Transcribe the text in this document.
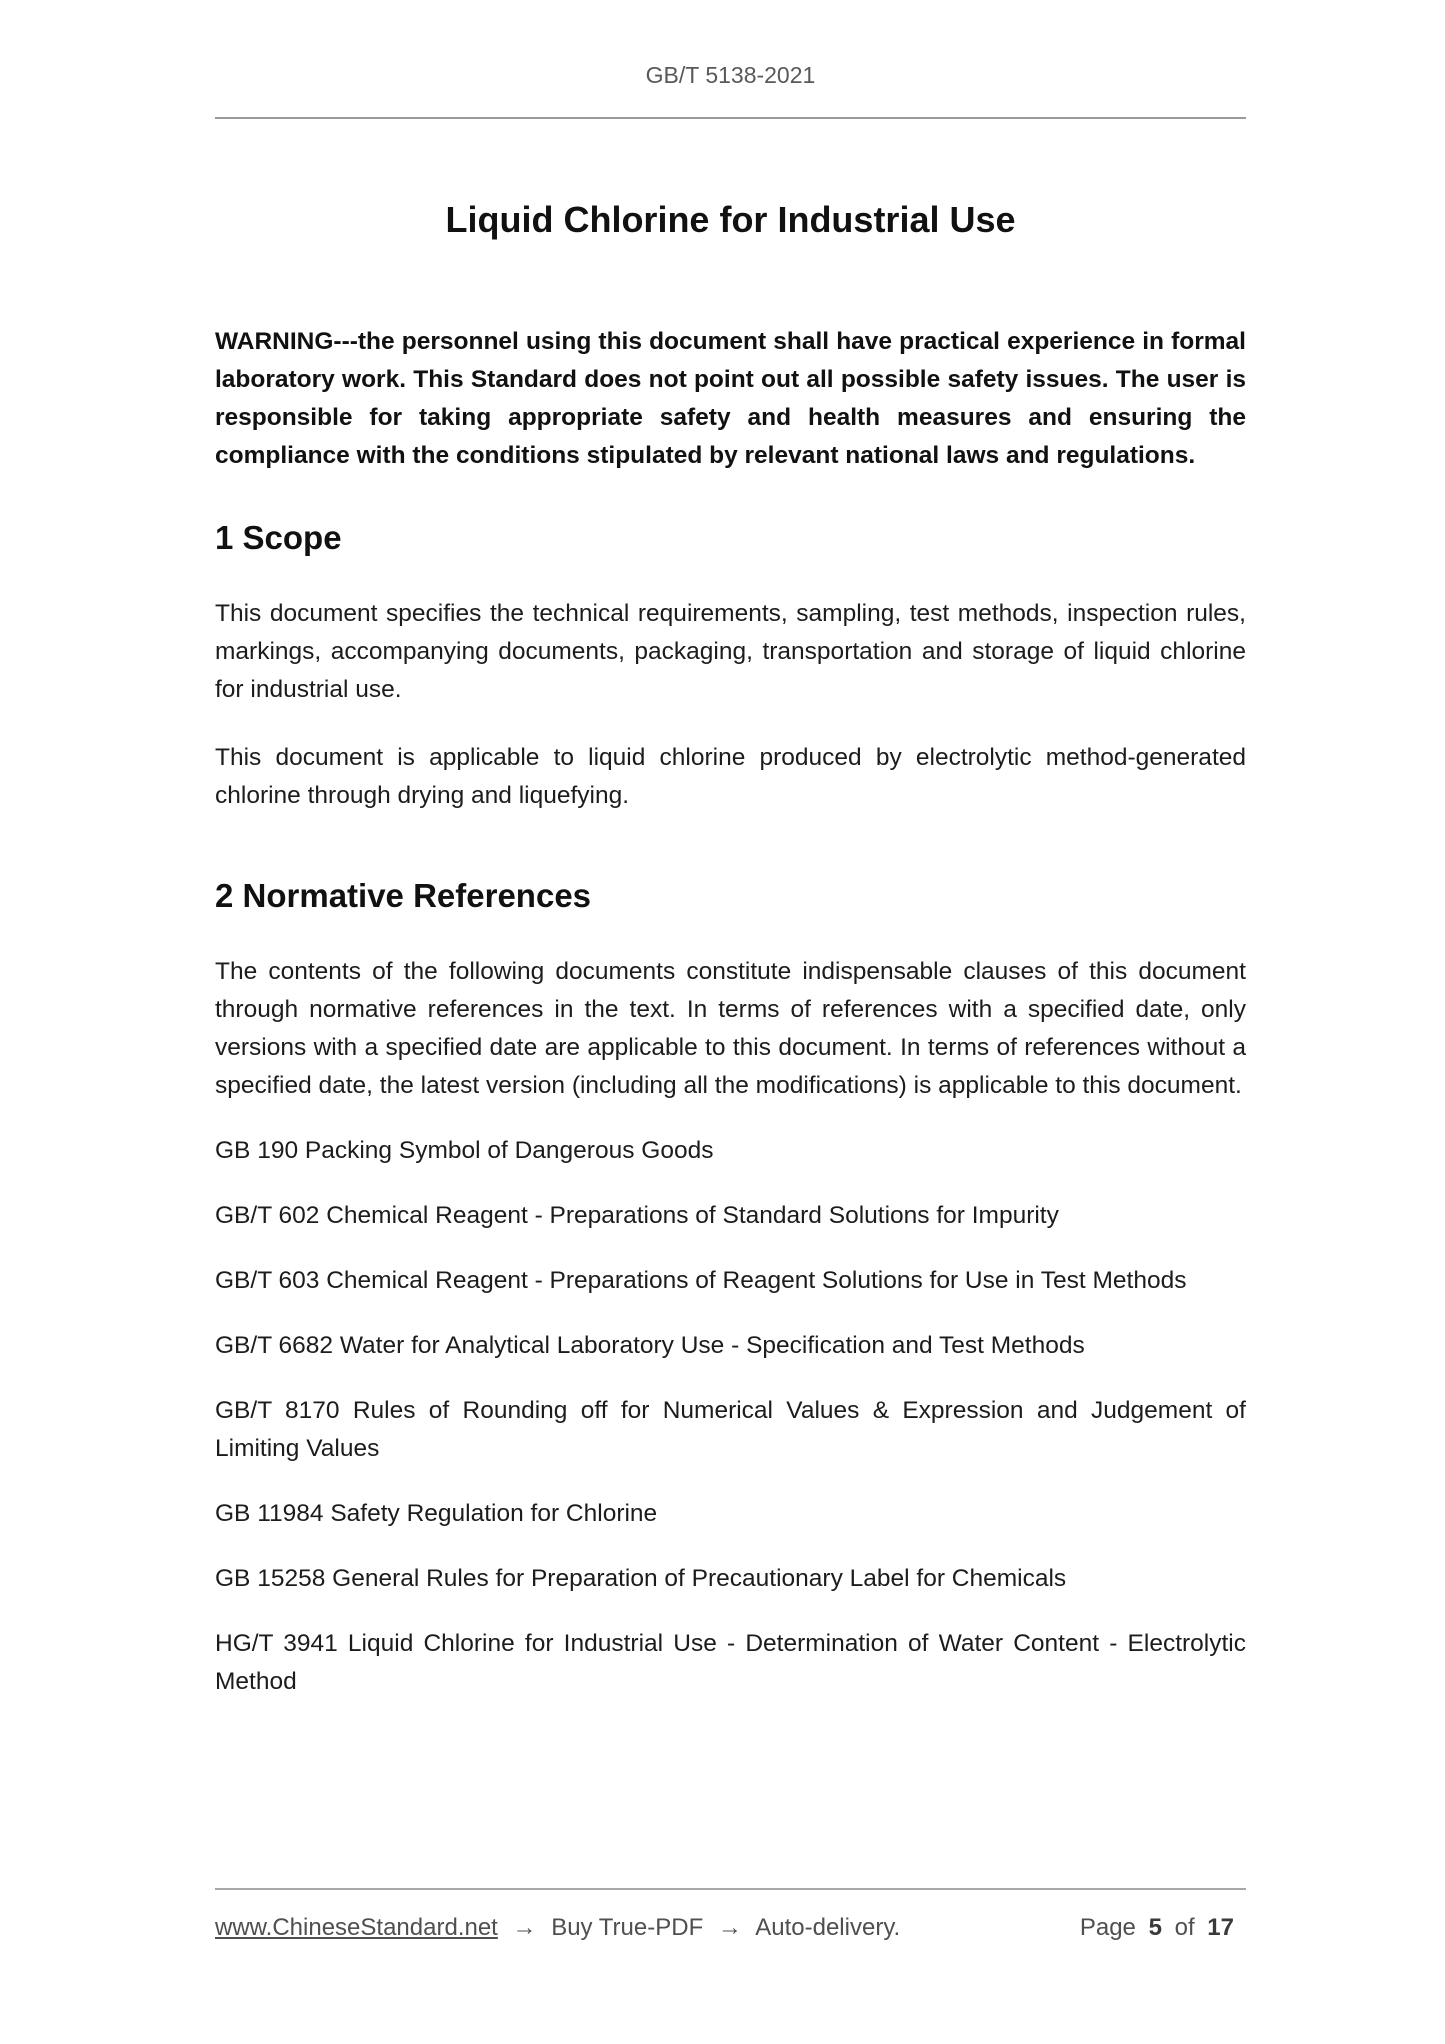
GB/T 5138-2021
Liquid Chlorine for Industrial Use

WARNING---the personnel using this document shall have practical experience in formal laboratory work. This Standard does not point out all possible safety issues. The user is responsible for taking appropriate safety and health measures and ensuring the compliance with the conditions stipulated by relevant national laws and regulations.

1 Scope

This document specifies the technical requirements, sampling, test methods, inspection rules, markings, accompanying documents, packaging, transportation and storage of liquid chlorine for industrial use.

This document is applicable to liquid chlorine produced by electrolytic method-generated chlorine through drying and liquefying.

2 Normative References

The contents of the following documents constitute indispensable clauses of this document through normative references in the text. In terms of references with a specified date, only versions with a specified date are applicable to this document. In terms of references without a specified date, the latest version (including all the modifications) is applicable to this document.

GB 190 Packing Symbol of Dangerous Goods

GB/T 602 Chemical Reagent - Preparations of Standard Solutions for Impurity

GB/T 603 Chemical Reagent - Preparations of Reagent Solutions for Use in Test Methods

GB/T 6682 Water for Analytical Laboratory Use - Specification and Test Methods

GB/T 8170 Rules of Rounding off for Numerical Values & Expression and Judgement of Limiting Values

GB 11984 Safety Regulation for Chlorine

GB 15258 General Rules for Preparation of Precautionary Label for Chemicals

HG/T 3941 Liquid Chlorine for Industrial Use - Determination of Water Content - Electrolytic Method

www.ChineseStandard.net → Buy True-PDF → Auto-delivery.	Page 5 of 17
